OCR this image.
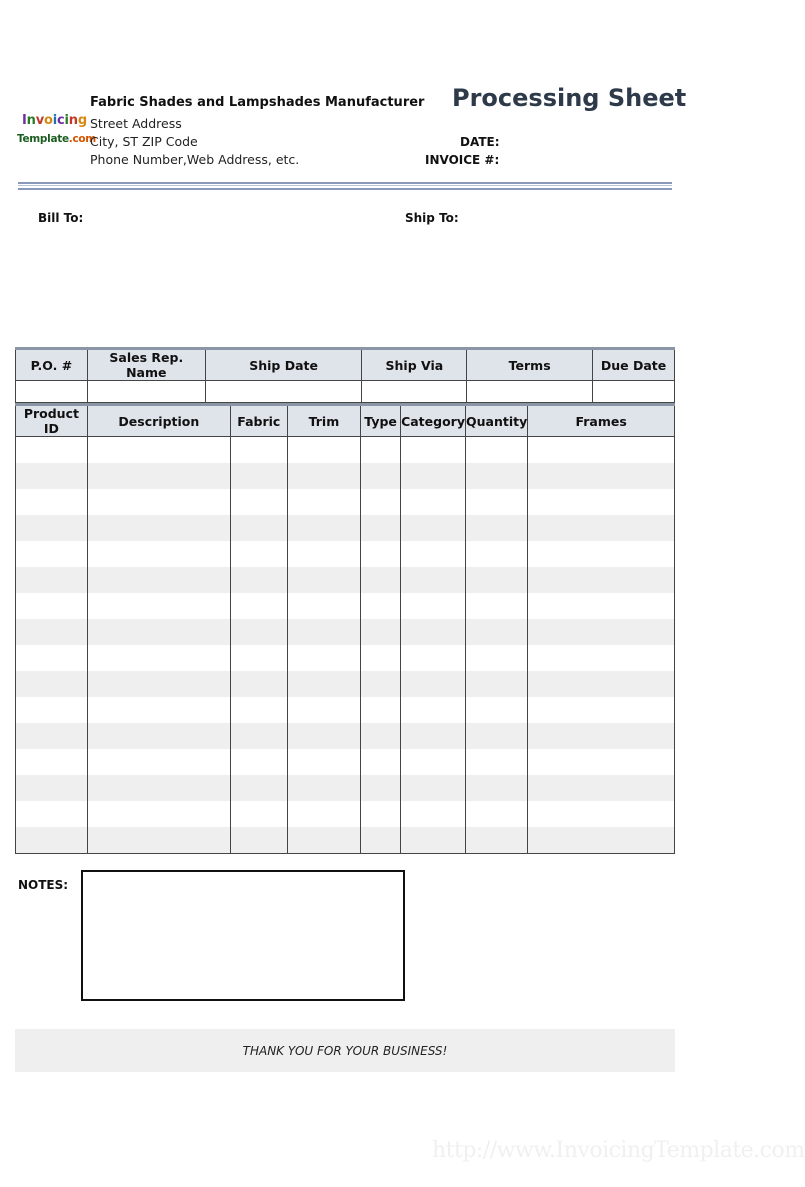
Invoicing
Template.com
Fabric Shades and Lampshades Manufacturer
Street Address
City, ST ZIP Code
Phone Number,Web Address, etc.
Processing Sheet
DATE:
INVOICE #:
Bill To:	Ship To:
P.O. #	Sales Rep. Name	Ship Date	Ship Via	Terms	Due Date

Product ID	Description	Fabric	Trim	Type	Category	Quantity	Frames

NOTES:
THANK YOU FOR YOUR BUSINESS!
http://www.InvoicingTemplate.com
